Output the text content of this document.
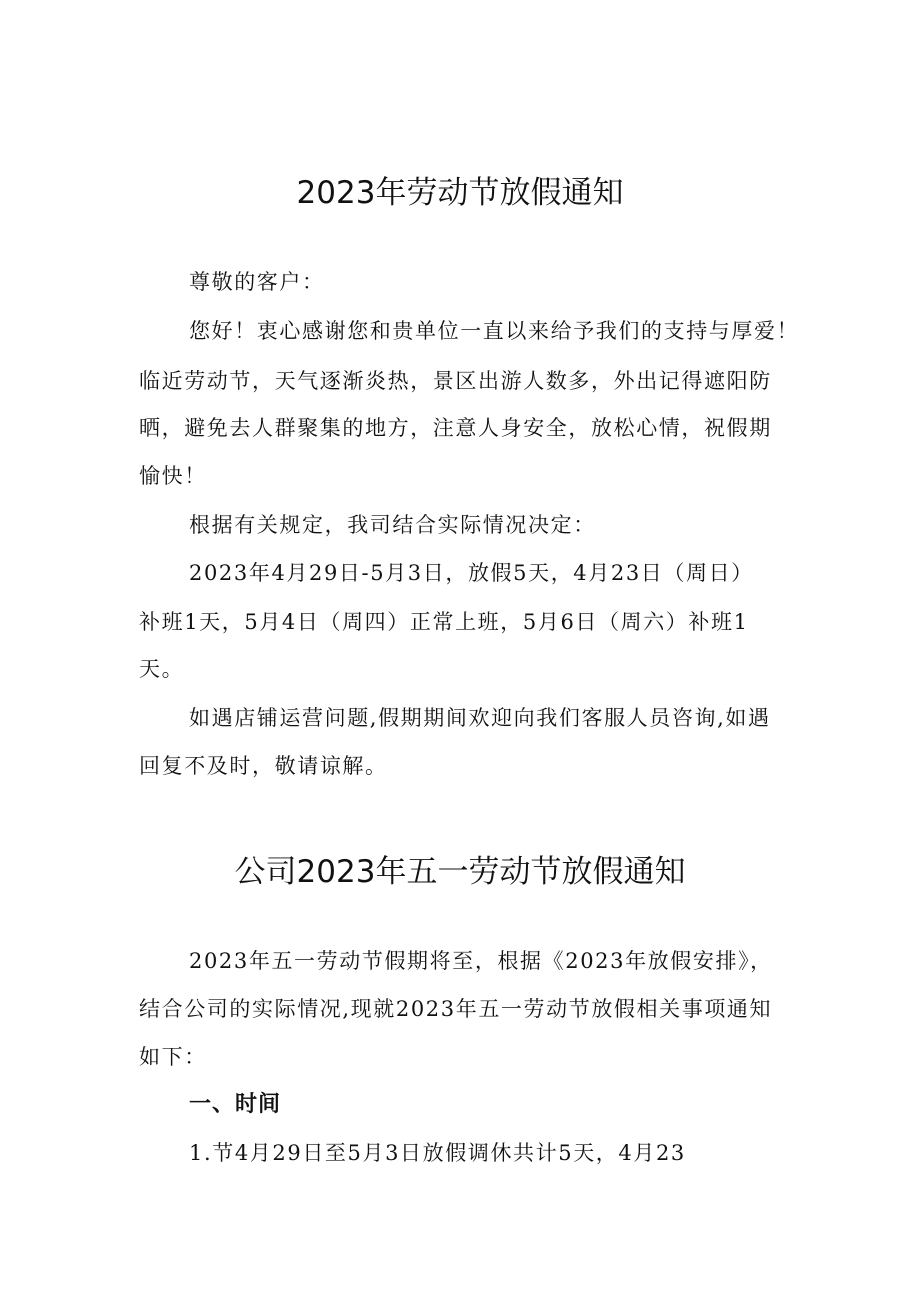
2023年劳动节放假通知

尊敬的客户：

您好！衷心感谢您和贵单位一直以来给予我们的支持与厚爱！

临近劳动节，天气逐渐炎热，景区出游人数多，外出记得遮阳防

晒，避免去人群聚集的地方，注意人身安全，放松心情，祝假期

愉快！

根据有关规定，我司结合实际情况决定：

2023年4月29日-5月3日，放假5天，4月23日（周日）

补班1天，5月4日（周四）正常上班，5月6日（周六）补班1

天。

如遇店铺运营问题,假期期间欢迎向我们客服人员咨询,如遇

回复不及时，敬请谅解。

公司2023年五一劳动节放假通知

2023年五一劳动节假期将至，根据《2023年放假安排》，

结合公司的实际情况,现就2023年五一劳动节放假相关事项通知

如下：

一、时间

1.节4月29日至5月3日放假调休共计5天，4月23
